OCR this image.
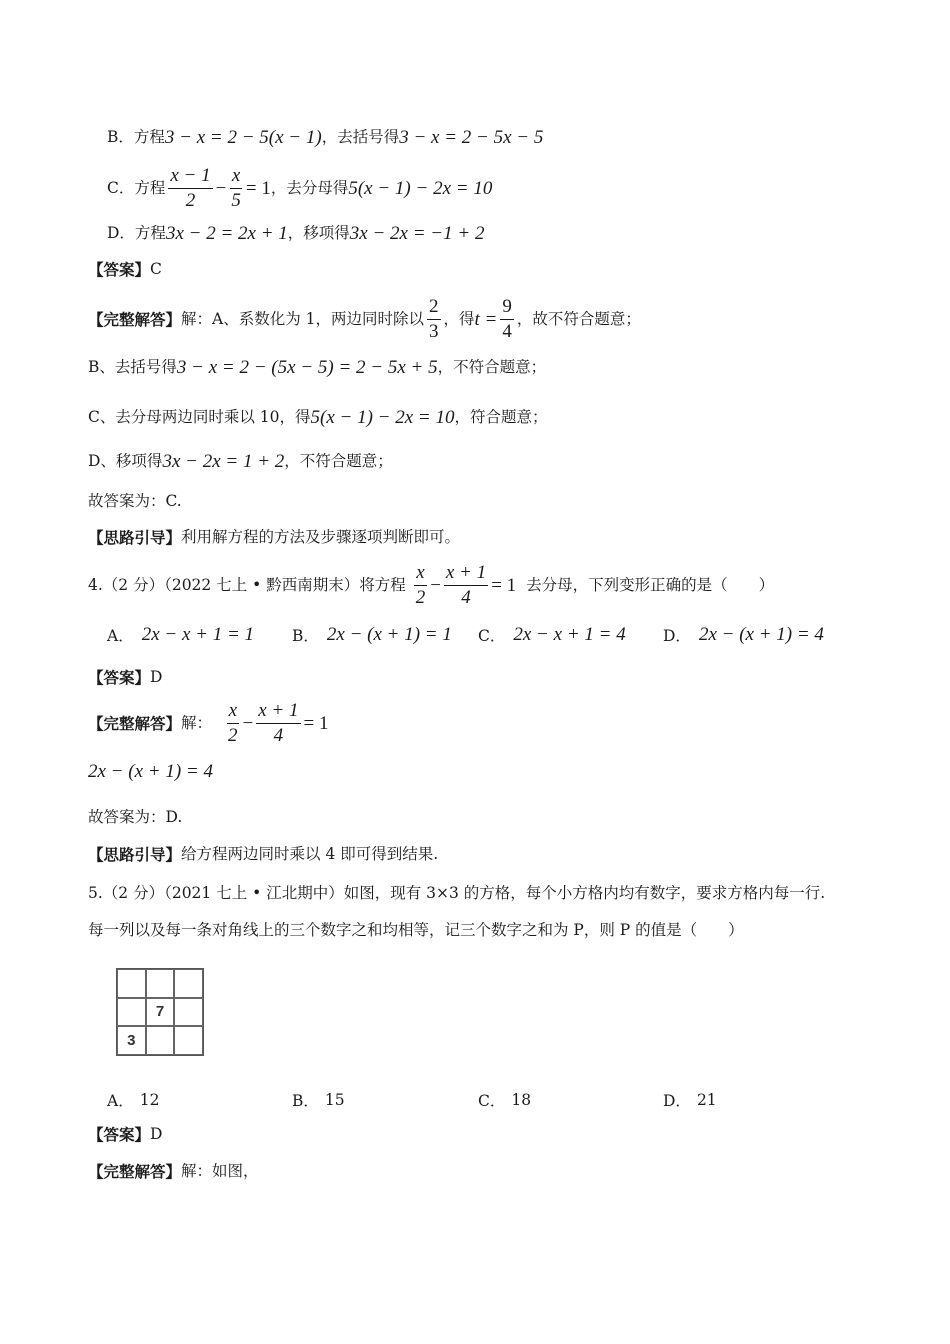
B．方程 3 − x = 2 − 5(x − 1) ，去括号得 3 − x = 2 − 5x − 5
C．方程 $\frac{x - 1}{2} - \frac{x}{5} = 1$ ，去分母得 5(x − 1) − 2x = 10
D．方程 3x − 2 = 2x + 1 ，移项得 3x − 2x = −1 + 2
【答案】 C
【完整解答】 解：A、系数化为 1，两边同时除以 $\frac{2}{3}$ ，得 $t = \frac{9}{4}$ ，故不符合题意；
B、去括号得 3 − x = 2 − (5x − 5) = 2 − 5x + 5 ，不符合题意；
C、去分母两边同时乘以 10，得 5(x − 1) − 2x = 10 ，符合题意；
D、移项得 3x − 2x = 1 + 2 ，不符合题意；
故答案为：C.
【思路引导】 利用解方程的方法及步骤逐项判断即可。
4.（2 分）（2022 七上 • 黔西南期末）将方程 $\frac{x}{2} - \frac{x + 1}{4} = 1$ 去分母，下列变形正确的是（　　）
A． 2x − x + 1 = 1 B． 2x − (x + 1) = 1 C． 2x − x + 1 = 4 D． 2x − (x + 1) = 4
【答案】 D
【完整解答】 解： $\frac{x}{2} - \frac{x + 1}{4} = 1$
2x − (x + 1) = 4
故答案为：D.
【思路引导】 给方程两边同时乘以 4 即可得到结果.
5.（2 分）（2021 七上 • 江北期中）如图，现有 3×3 的方格，每个小方格内均有数字，要求方格内每一行.
每一列以及每一条对角线上的三个数字之和均相等，记三个数字之和为 P，则 P 的值是（　　）
7
3
A． 12	B． 15	C． 18	D． 21
【答案】 D
【完整解答】 解：如图，
